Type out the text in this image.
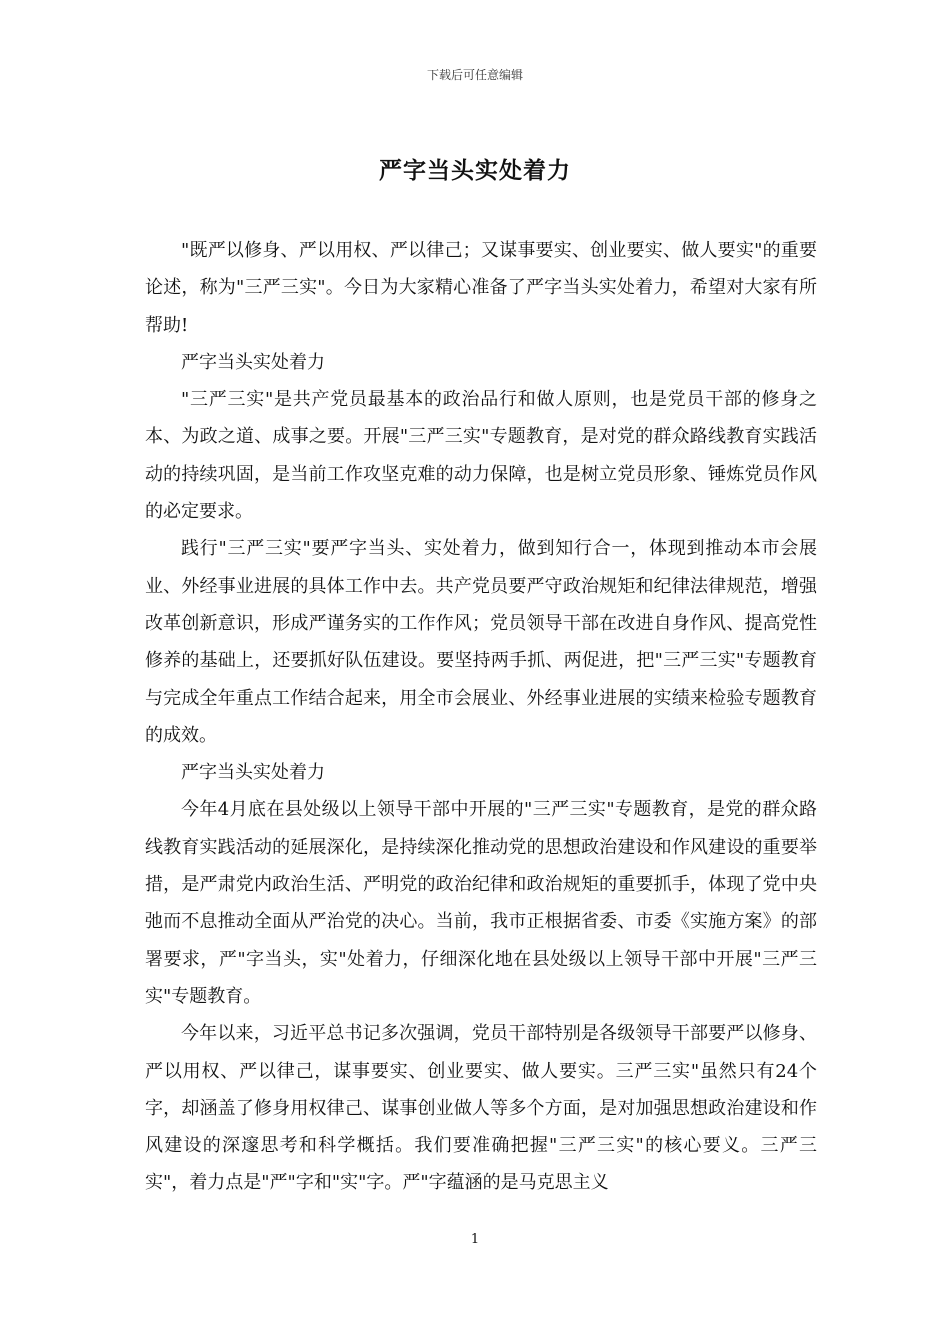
下载后可任意编辑
严字当头实处着力

"既严以修身、严以用权、严以律己；又谋事要实、创业要实、做人要实"的重要论述，称为"三严三实"。今日为大家精心准备了严字当头实处着力，希望对大家有所帮助!

严字当头实处着力

"三严三实"是共产党员最基本的政治品行和做人原则，也是党员干部的修身之本、为政之道、成事之要。开展"三严三实"专题教育，是对党的群众路线教育实践活动的持续巩固，是当前工作攻坚克难的动力保障，也是树立党员形象、锤炼党员作风的必定要求。

践行"三严三实"要严字当头、实处着力，做到知行合一，体现到推动本市会展业、外经事业进展的具体工作中去。共产党员要严守政治规矩和纪律法律规范，增强改革创新意识，形成严谨务实的工作作风；党员领导干部在改进自身作风、提高党性修养的基础上，还要抓好队伍建设。要坚持两手抓、两促进，把"三严三实"专题教育与完成全年重点工作结合起来，用全市会展业、外经事业进展的实绩来检验专题教育的成效。

严字当头实处着力

今年4月底在县处级以上领导干部中开展的"三严三实"专题教育，是党的群众路线教育实践活动的延展深化，是持续深化推动党的思想政治建设和作风建设的重要举措，是严肃党内政治生活、严明党的政治纪律和政治规矩的重要抓手，体现了党中央弛而不息推动全面从严治党的决心。当前，我市正根据省委、市委《实施方案》的部署要求，严"字当头，实"处着力，仔细深化地在县处级以上领导干部中开展"三严三实"专题教育。

今年以来，习近平总书记多次强调，党员干部特别是各级领导干部要严以修身、严以用权、严以律己，谋事要实、创业要实、做人要实。三严三实"虽然只有24个字，却涵盖了修身用权律己、谋事创业做人等多个方面，是对加强思想政治建设和作风建设的深邃思考和科学概括。我们要准确把握"三严三实"的核心要义。三严三实"，着力点是"严"字和"实"字。严"字蕴涵的是马克思主义

1
